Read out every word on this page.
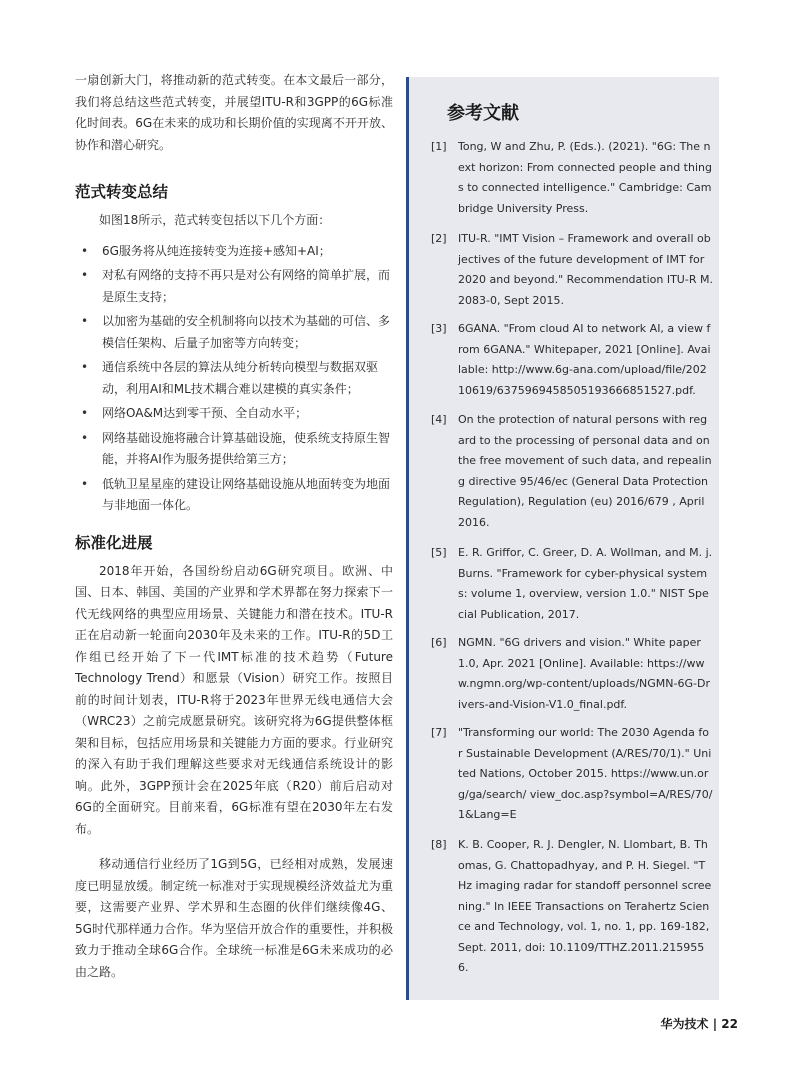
一扇创新大门，将推动新的范式转变。在本文最后一部分，我们将总结这些范式转变，并展望ITU-R和3GPP的6G标准化时间表。6G在未来的成功和长期价值的实现离不开开放、协作和潜心研究。

范式转变总结

如图18所示，范式转变包括以下几个方面：

• 6G服务将从纯连接转变为连接+感知+AI；
• 对私有网络的支持不再只是对公有网络的简单扩展，而是原生支持；
• 以加密为基础的安全机制将向以技术为基础的可信、多模信任架构、后量子加密等方向转变；
• 通信系统中各层的算法从纯分析转向模型与数据双驱动，利用AI和ML技术耦合难以建模的真实条件；
• 网络OA&M达到零干预、全自动水平；
• 网络基础设施将融合计算基础设施，使系统支持原生智能，并将AI作为服务提供给第三方；
• 低轨卫星星座的建设让网络基础设施从地面转变为地面与非地面一体化。
标准化进展

2018年开始，各国纷纷启动6G研究项目。欧洲、中国、日本、韩国、美国的产业界和学术界都在努力探索下一代无线网络的典型应用场景、关键能力和潜在技术。ITU-R正在启动新一轮面向2030年及未来的工作。ITU-R的5D工作组已经开始了下一代IMT标准的技术趋势（Future Technology Trend）和愿景（Vision）研究工作。按照目前的时间计划表，ITU-R将于2023年世界无线电通信大会（WRC23）之前完成愿景研究。该研究将为6G提供整体框架和目标，包括应用场景和关键能力方面的要求。行业研究的深入有助于我们理解这些要求对无线通信系统设计的影响。此外，3GPP预计会在2025年底（R20）前后启动对6G的全面研究。目前来看，6G标准有望在2030年左右发布。

移动通信行业经历了1G到5G，已经相对成熟，发展速度已明显放缓。制定统一标准对于实现规模经济效益尤为重要，这需要产业界、学术界和生态圈的伙伴们继续像4G、5G时代那样通力合作。华为坚信开放合作的重要性，并积极致力于推动全球6G合作。全球统一标准是6G未来成功的必由之路。

参考文献
[1]	Tong, W and Zhu, P. (Eds.). (2021). "6G: The next horizon: From connected people and things to connected intelligence." Cambridge: Cambridge University Press.
[2]	ITU-R. "IMT Vision – Framework and overall objectives of the future development of IMT for 2020 and beyond." Recommendation ITU-R M.2083-0, Sept 2015.
[3]	6GANA. "From cloud AI to network AI, a view from 6GANA." Whitepaper, 2021 [Online]. Available: http://www.6g-ana.com/upload/file/20210619/6375969458505193666851527.pdf.
[4]	On the protection of natural persons with regard to the processing of personal data and on the free movement of such data, and repealing directive 95/46/ec (General Data Protection Regulation), Regulation (eu) 2016/679 , April 2016.
[5]	E. R. Griffor, C. Greer, D. A. Wollman, and M. j. Burns. "Framework for cyber-physical systems: volume 1, overview, version 1.0." NIST Special Publication, 2017.
[6]	NGMN. "6G drivers and vision." White paper 1.0, Apr. 2021 [Online]. Available: https://www.ngmn.org/wp-content/uploads/NGMN-6G-Drivers-and-Vision-V1.0_final.pdf.
[7]	"Transforming our world: The 2030 Agenda for Sustainable Development (A/RES/70/1)." United Nations, October 2015. https://www.un.org/ga/search/ view_doc.asp?symbol=A/RES/70/1&Lang=E
[8]	K. B. Cooper, R. J. Dengler, N. Llombart, B. Thomas, G. Chattopadhyay, and P. H. Siegel. "THz imaging radar for standoff personnel screening." In IEEE Transactions on Terahertz Science and Technology, vol. 1, no. 1, pp. 169-182, Sept. 2011, doi: 10.1109/TTHZ.2011.2159556.
华为技术 | 22
